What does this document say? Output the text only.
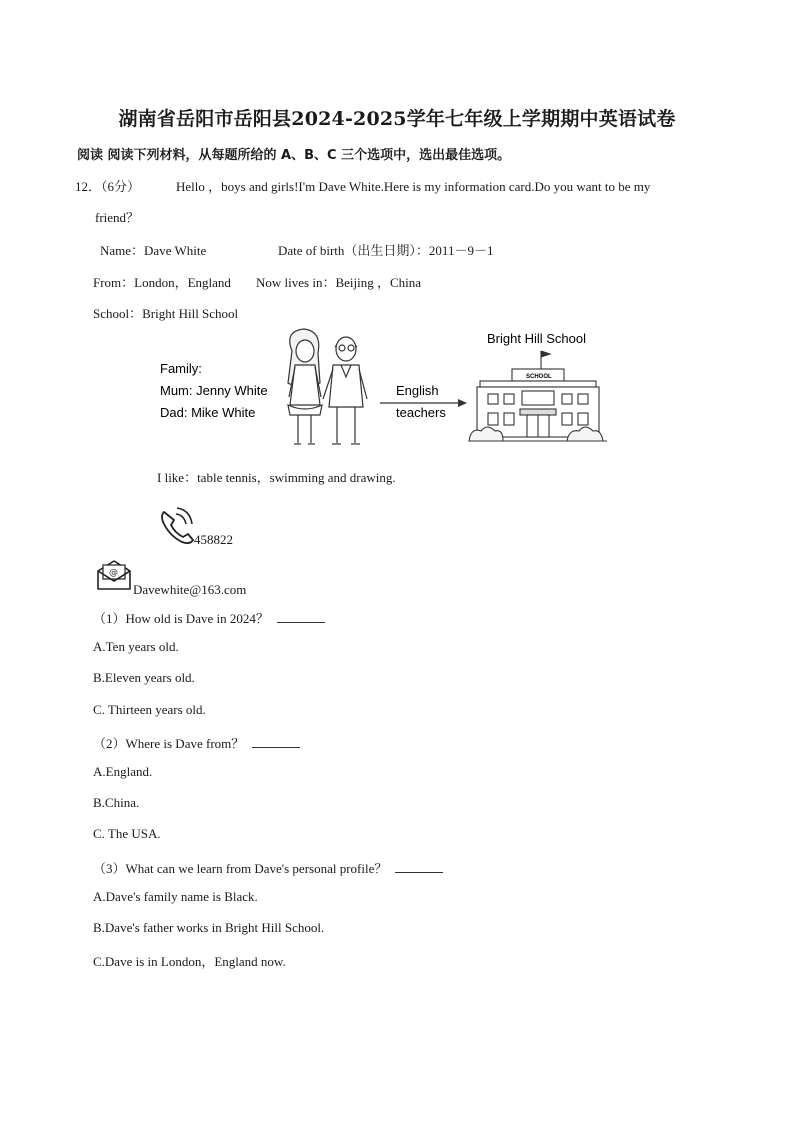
湖南省岳阳市岳阳县2024-2025学年七年级上学期期中英语试卷
阅读 阅读下列材料，从每题所给的 A、B、C 三个选项中，选出最佳选项。
12．（6分）	Hello ，boys and girls!I'm Dave White.Here is my information card.Do you want to be my
friend？
Name：Dave White	Date of birth（出生日期）：2011－9－1
From：London，England Now lives in：Beijing ，China
School：Bright Hill School
Family:
Mum: Jenny White
Dad: Mike White
English
teachers
Bright Hill School
SCHOOL
I like：table tennis，swimming and drawing.
458822
@
Davewhite@163.com
（1）How old is Dave in 2024？
A.Ten years old.
B.Eleven years old.
C. Thirteen years old.
（2）Where is Dave from？
A.England.
B.China.
C. The USA.
（3）What can we learn from Dave's personal profile？
A.Dave's family name is Black.
B.Dave's father works in Bright Hill School.
C.Dave is in London，England now.
